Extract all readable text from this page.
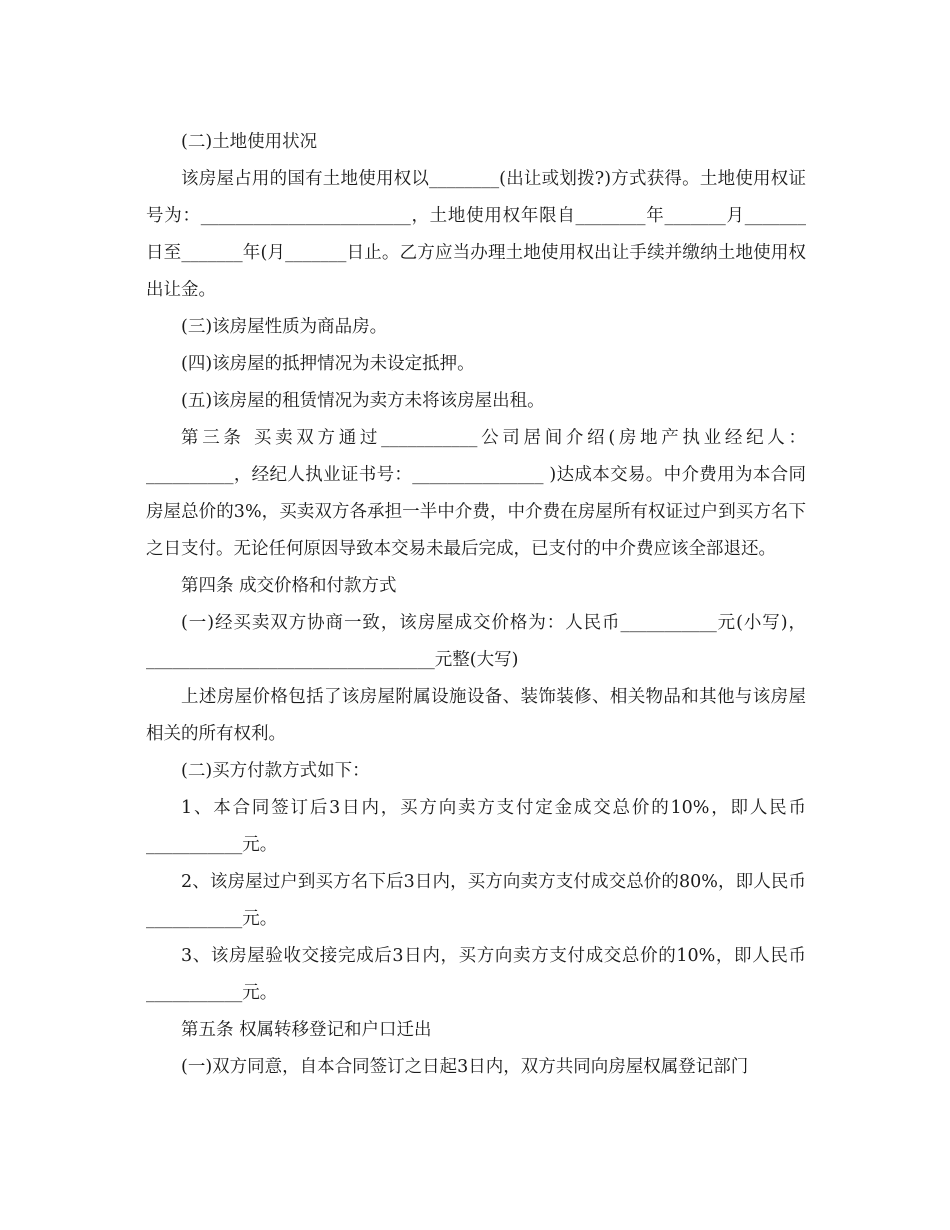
(二)土地使用状况

该房屋占用的国有土地使用权以________(出让或划拨?)方式获得。土地使用权证号为：________________________，土地使用权年限自________年_______月_______日至_______年(月_______日止。乙方应当办理土地使用权出让手续并缴纳土地使用权出让金。

(三)该房屋性质为商品房。

(四)该房屋的抵押情况为未设定抵押。

(五)该房屋的租赁情况为卖方未将该房屋出租。

第三条 买卖双方通过___________公司居间介绍(房地产执业经纪人：__________，经纪人执业证书号：_______________ )达成本交易。中介费用为本合同房屋总价的3%，买卖双方各承担一半中介费，中介费在房屋所有权证过户到买方名下之日支付。无论任何原因导致本交易未最后完成，已支付的中介费应该全部退还。

第四条 成交价格和付款方式

(一)经买卖双方协商一致，该房屋成交价格为：人民币___________元(小写)，_________________________________元整(大写)

上述房屋价格包括了该房屋附属设施设备、装饰装修、相关物品和其他与该房屋相关的所有权利。

(二)买方付款方式如下：

1、本合同签订后3日内，买方向卖方支付定金成交总价的10%，即人民币___________元。

2、该房屋过户到买方名下后3日内，买方向卖方支付成交总价的80%，即人民币___________元。

3、该房屋验收交接完成后3日内，买方向卖方支付成交总价的10%，即人民币___________元。

第五条 权属转移登记和户口迁出

(一)双方同意，自本合同签订之日起3日内，双方共同向房屋权属登记部门
